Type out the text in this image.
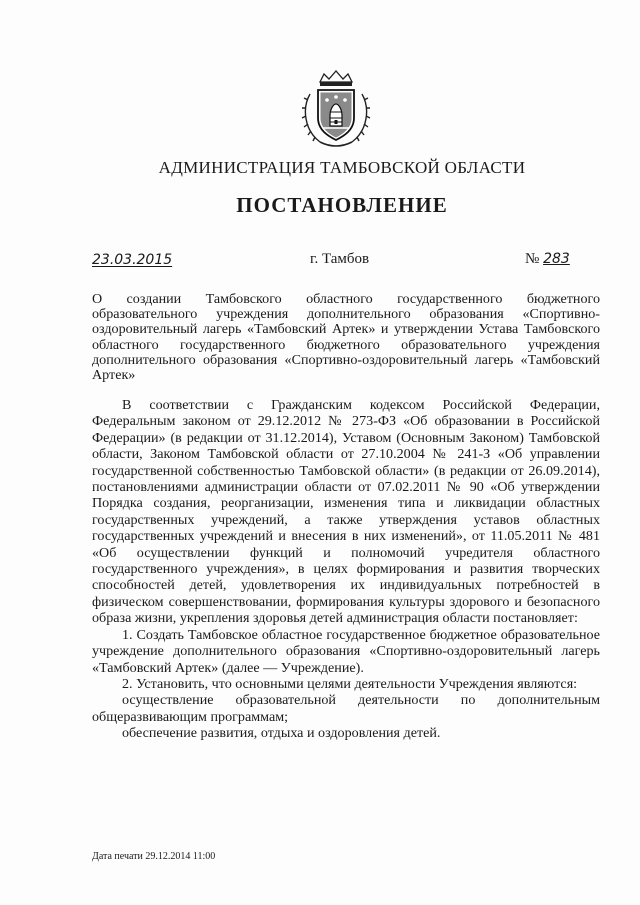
АДМИНИСТРАЦИЯ ТАМБОВСКОЙ ОБЛАСТИ
ПОСТАНОВЛЕНИЕ
23.03.2015	г. Тамбов	№ 283
О создании Тамбовского областного государственного бюджетного образовательного учреждения дополнительного образования «Спортивно-оздоровительный лагерь «Тамбовский Артек» и утверждении Устава Тамбовского областного государственного бюджетного образовательного учреждения дополнительного образования «Спортивно-оздоровительный лагерь «Тамбовский Артек»

В соответствии с Гражданским кодексом Российской Федерации, Федеральным законом от 29.12.2012 № 273-ФЗ «Об образовании в Российской Федерации» (в редакции от 31.12.2014), Уставом (Основным Законом) Тамбовской области, Законом Тамбовской области от 27.10.2004 № 241-З «Об управлении государственной собственностью Тамбовской области» (в редакции от 26.09.2014), постановлениями администрации области от 07.02.2011 № 90 «Об утверждении Порядка создания, реорганизации, изменения типа и ликвидации областных государственных учреждений, а также утверждения уставов областных государственных учреждений и внесения в них изменений», от 11.05.2011 № 481 «Об осуществлении функций и полномочий учредителя областного государственного учреждения», в целях формирования и развития творческих способностей детей, удовлетворения их индивидуальных потребностей в физическом совершенствовании, формирования культуры здорового и безопасного образа жизни, укрепления здоровья детей администрация области постановляет:

1. Создать Тамбовское областное государственное бюджетное образовательное учреждение дополнительного образования «Спортивно-оздоровительный лагерь «Тамбовский Артек» (далее — Учреждение).

2. Установить, что основными целями деятельности Учреждения являются:

осуществление образовательной деятельности по дополнительным общеразвивающим программам;

обеспечение развития, отдыха и оздоровления детей.

Дата печати 29.12.2014 11:00
